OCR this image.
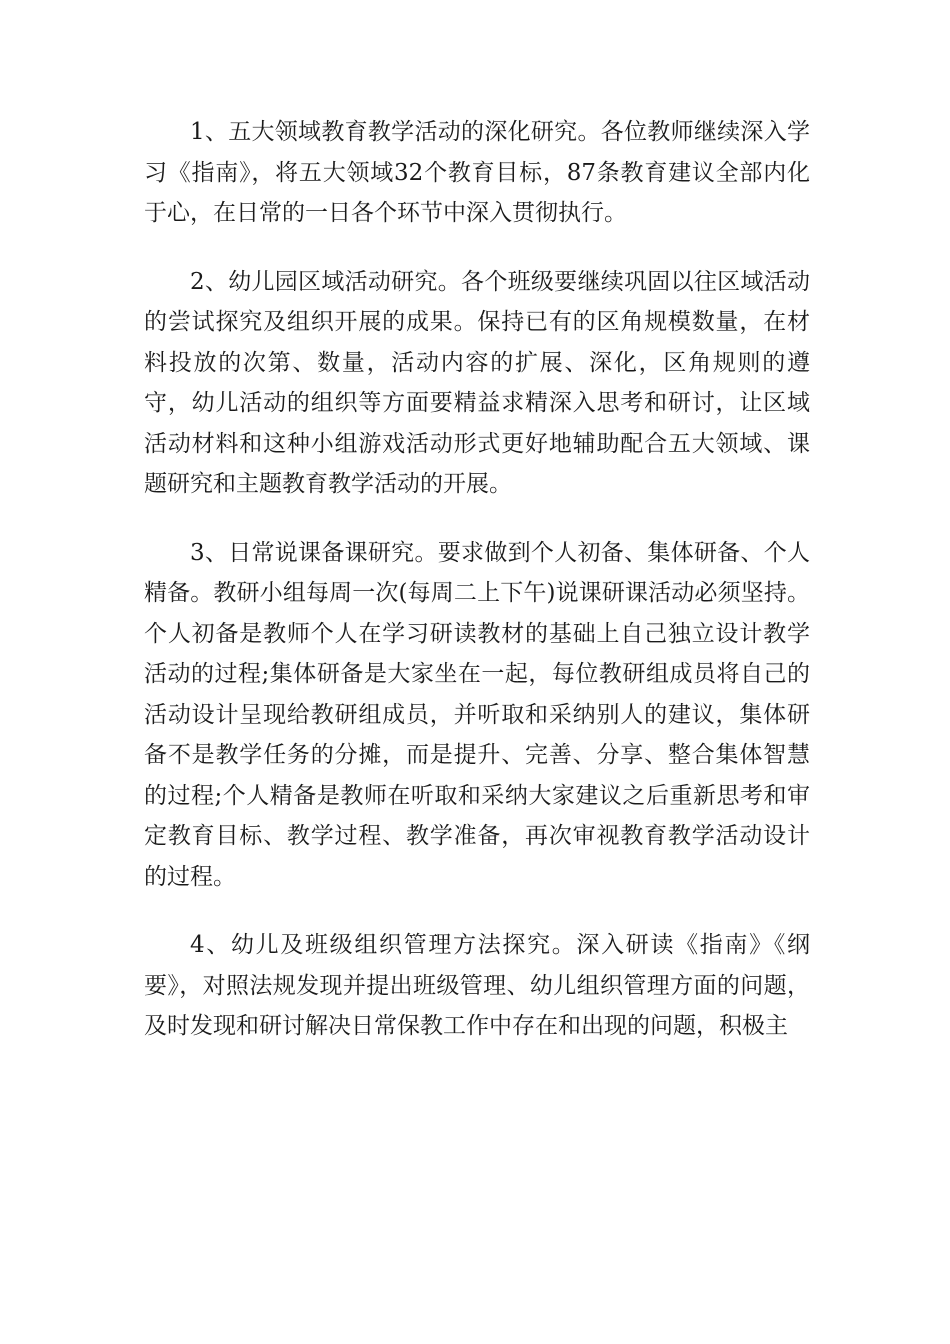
1、五大领域教育教学活动的深化研究。各位教师继续深入学习《指南》，将五大领域32个教育目标，87条教育建议全部内化于心，在日常的一日各个环节中深入贯彻执行。

2、幼儿园区域活动研究。各个班级要继续巩固以往区域活动的尝试探究及组织开展的成果。保持已有的区角规模数量，在材料投放的次第、数量，活动内容的扩展、深化，区角规则的遵守，幼儿活动的组织等方面要精益求精深入思考和研讨，让区域活动材料和这种小组游戏活动形式更好地辅助配合五大领域、课题研究和主题教育教学活动的开展。

3、日常说课备课研究。要求做到个人初备、集体研备、个人精备。教研小组每周一次(每周二上下午)说课研课活动必须坚持。个人初备是教师个人在学习研读教材的基础上自己独立设计教学活动的过程;集体研备是大家坐在一起，每位教研组成员将自己的活动设计呈现给教研组成员，并听取和采纳别人的建议，集体研备不是教学任务的分摊，而是提升、完善、分享、整合集体智慧的过程;个人精备是教师在听取和采纳大家建议之后重新思考和审定教育目标、教学过程、教学准备，再次审视教育教学活动设计的过程。

4、幼儿及班级组织管理方法探究。深入研读《指南》《纲要》，对照法规发现并提出班级管理、幼儿组织管理方面的问题，及时发现和研讨解决日常保教工作中存在和出现的问题，积极主
